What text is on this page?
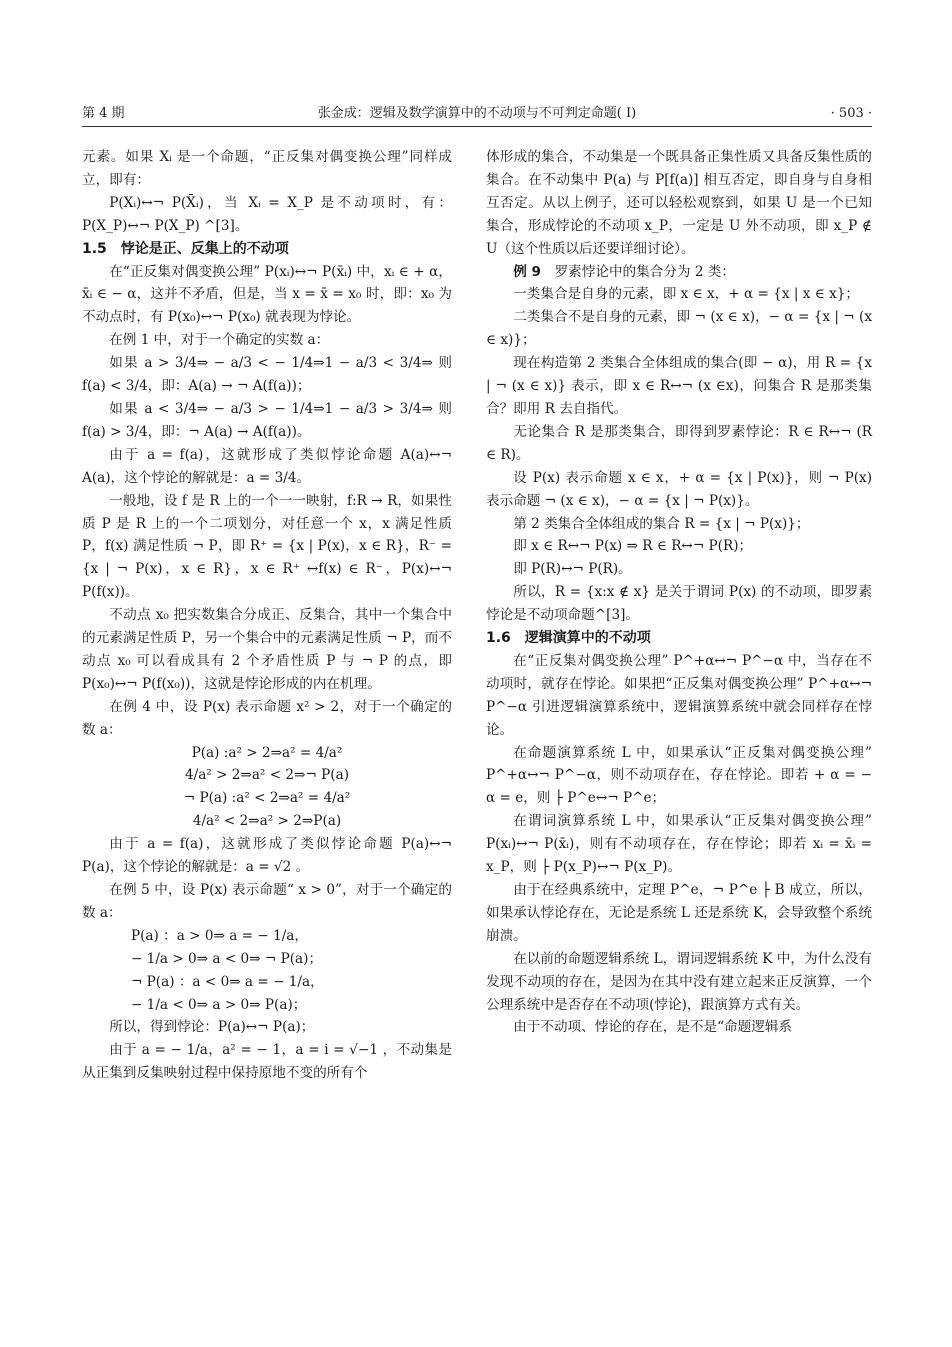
第 4 期	张金成：逻辑及数学演算中的不动项与不可判定命题( Ⅰ)	· 503 ·

元素。如果 Xᵢ 是一个命题，“正反集对偶变换公理”同样成立，即有：

P(Xᵢ)↔¬ P(X̄ᵢ)，当 Xᵢ = X_P 是不动项时，有：P(X_P)↔¬ P(X_P) ^[3]。

1.5　悖论是正、反集上的不动项

在“正反集对偶变换公理” P(xᵢ)↔¬ P(x̄ᵢ) 中，xᵢ ∈ + α，x̄ᵢ ∈ − α，这并不矛盾，但是，当 x = x̄ = x₀ 时，即：x₀ 为不动点时，有 P(x₀)↔¬ P(x₀) 就表现为悖论。

在例 1 中，对于一个确定的实数 a：

如果 a > 3/4⇒ − a/3 < − 1/4⇒1 − a/3 < 3/4⇒ 则 f(a) < 3/4，即：A(a) → ¬ A(f(a))；

如果 a < 3/4⇒ − a/3 > − 1/4⇒1 − a/3 > 3/4⇒ 则 f(a) > 3/4，即：¬ A(a) → A(f(a))。

由于 a = f(a)，这就形成了类似悖论命题 A(a)↔¬ A(a)，这个悖论的解就是：a = 3/4。

一般地，设 f 是 R 上的一个一一映射，f:R → R，如果性质 P 是 R 上的一个二项划分，对任意一个 x，x 满足性质 P，f(x) 满足性质 ¬ P，即 R⁺ = {x | P(x)，x ∈ R}，R⁻ = {x | ¬ P(x)，x ∈ R}，x ∈ R⁺ ↔f(x) ∈ R⁻，P(x)↔¬ P(f(x))。

不动点 x₀ 把实数集合分成正、反集合，其中一个集合中的元素满足性质 P，另一个集合中的元素满足性质 ¬ P，而不动点 x₀ 可以看成具有 2 个矛盾性质 P 与 ¬ P 的点，即 P(x₀)↔¬ P(f(x₀))，这就是悖论形成的内在机理。

在例 4 中，设 P(x) 表示命题 x² > 2，对于一个确定的数 a：

P(a) :a² > 2⇒a² = 4/a²

4/a² > 2⇒a² < 2⇒¬ P(a)

¬ P(a) :a² < 2⇒a² = 4/a²

4/a² < 2⇒a² > 2⇒P(a)

由于 a = f(a)，这就形成了类似悖论命题 P(a)↔¬ P(a)，这个悖论的解就是：a = √2 。

在例 5 中，设 P(x) 表示命题“ x > 0”，对于一个确定的数 a：

P(a) ：a > 0⇒ a = − 1/a，

− 1/a > 0⇒ a < 0⇒ ¬ P(a)；

¬ P(a) ：a < 0⇒ a = − 1/a，

− 1/a < 0⇒ a > 0⇒ P(a)；

所以，得到悖论：P(a)↔¬ P(a)；

由于 a = − 1/a，a² = − 1，a = i = √−1 ，不动集是从正集到反集映射过程中保持原地不变的所有个

体形成的集合，不动集是一个既具备正集性质又具备反集性质的集合。在不动集中 P(a) 与 P[f(a)] 相互否定，即自身与自身相互否定。从以上例子，还可以轻松观察到，如果 U 是一个已知集合，形成悖论的不动项 x_P，一定是 U 外不动项，即 x_P ∉ U（这个性质以后还要详细讨论）。

例 9　罗素悖论中的集合分为 2 类：

一类集合是自身的元素，即 x ∈ x，+ α = {x | x ∈ x}；

二类集合不是自身的元素，即 ¬ (x ∈ x)，− α = {x | ¬ (x ∈ x)}；

现在构造第 2 类集合全体组成的集合(即 − α)，用 R = {x | ¬ (x ∈ x)} 表示，即 x ∈ R↔¬ (x ∈x)，问集合 R 是那类集合？即用 R 去自指代。

无论集合 R 是那类集合，即得到罗素悖论：R ∈ R↔¬ (R ∈ R)。

设 P(x) 表示命题 x ∈ x，+ α = {x | P(x)}，则 ¬ P(x) 表示命题 ¬ (x ∈ x)，− α = {x | ¬ P(x)}。

第 2 类集合全体组成的集合 R = {x | ¬ P(x)}；

即 x ∈ R↔¬ P(x) ⇒ R ∈ R↔¬ P(R)；

即 P(R)↔¬ P(R)。

所以，R = {x:x ∉ x} 是关于谓词 P(x) 的不动项，即罗素悖论是不动项命题^[3]。

1.6　逻辑演算中的不动项

在“正反集对偶变换公理” P^+α↔¬ P^−α 中，当存在不动项时，就存在悖论。如果把“正反集对偶变换公理” P^+α↔¬ P^−α 引进逻辑演算系统中，逻辑演算系统中就会同样存在悖论。

在命题演算系统 L 中，如果承认“正反集对偶变换公理” P^+α↔¬ P^−α，则不动项存在，存在悖论。即若 + α = − α = e，则 ├ P^e↔¬ P^e；

在谓词演算系统 L 中，如果承认“正反集对偶变换公理” P(xᵢ)↔¬ P(x̄ᵢ)，则有不动项存在，存在悖论；即若 xᵢ = x̄ᵢ = x_P，则 ├ P(x_P)↔¬ P(x_P)。

由于在经典系统中，定理 P^e，¬ P^e ├ B 成立，所以，如果承认悖论存在，无论是系统 L 还是系统 K，会导致整个系统崩溃。

在以前的命题逻辑系统 L，谓词逻辑系统 K 中，为什么没有发现不动项的存在，是因为在其中没有建立起来正反演算，一个公理系统中是否存在不动项(悖论)，跟演算方式有关。

由于不动项、悖论的存在，是不是“命题逻辑系
